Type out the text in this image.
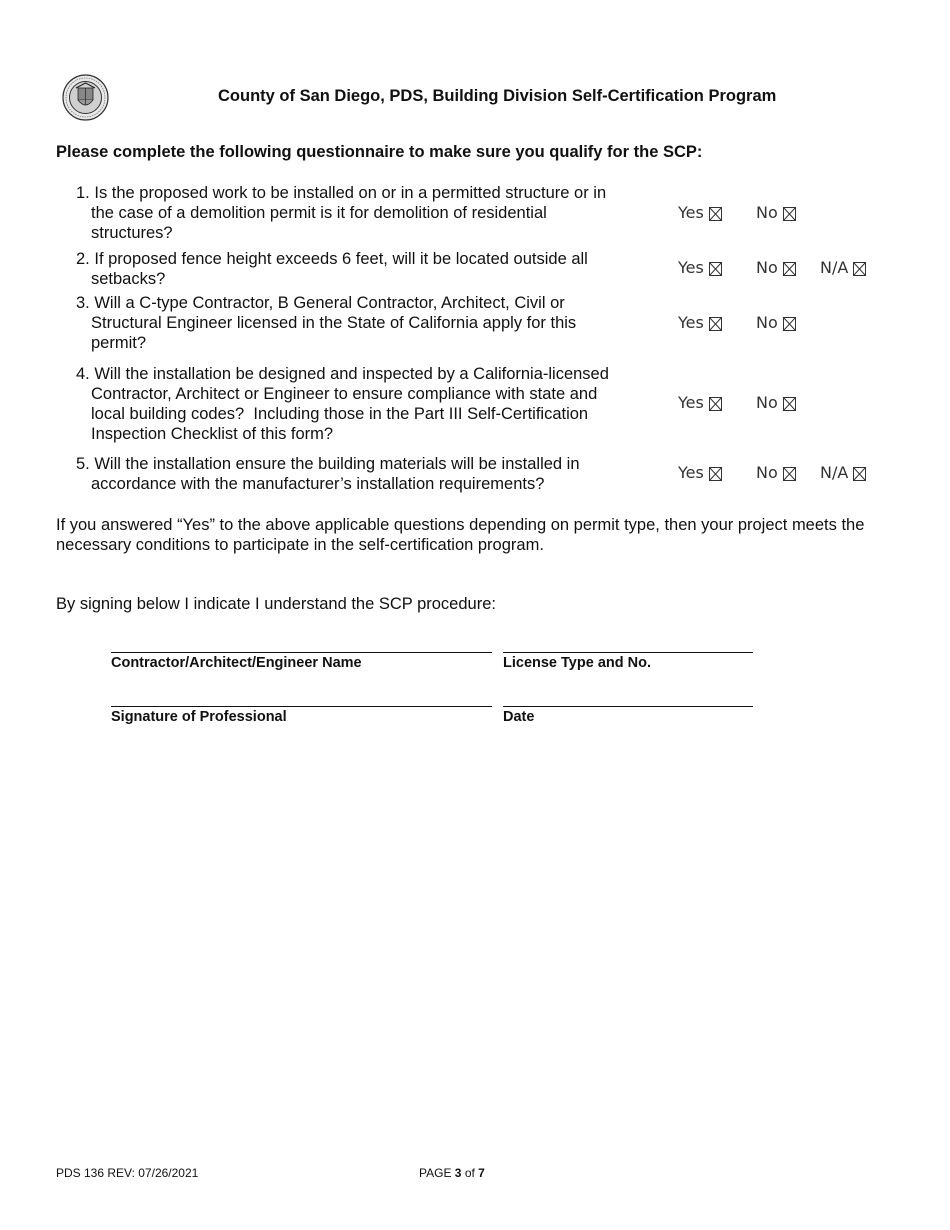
County of San Diego, PDS, Building Division Self-Certification Program
Please complete the following questionnaire to make sure you qualify for the SCP:
1. Is the proposed work to be installed on or in a permitted structure or in
the case of a demolition permit is it for demolition of residential
structures?
Yes	No
2. If proposed fence height exceeds 6 feet, will it be located outside all
setbacks?
Yes	No	N/A
3. Will a C-type Contractor, B General Contractor, Architect, Civil or
Structural Engineer licensed in the State of California apply for this
permit?
Yes	No
4. Will the installation be designed and inspected by a California-licensed
Contractor, Architect or Engineer to ensure compliance with state and
local building codes?  Including those in the Part III Self-Certification
Inspection Checklist of this form?
Yes	No
5. Will the installation ensure the building materials will be installed in
accordance with the manufacturer’s installation requirements?
Yes	No	N/A
If you answered “Yes” to the above applicable questions depending on permit type, then your project meets the
necessary conditions to participate in the self-certification program.
By signing below I indicate I understand the SCP procedure:
Contractor/Architect/Engineer Name	License Type and No.
Signature of Professional	Date
PDS 136 REV: 07/26/2021	PAGE 3 of 7
